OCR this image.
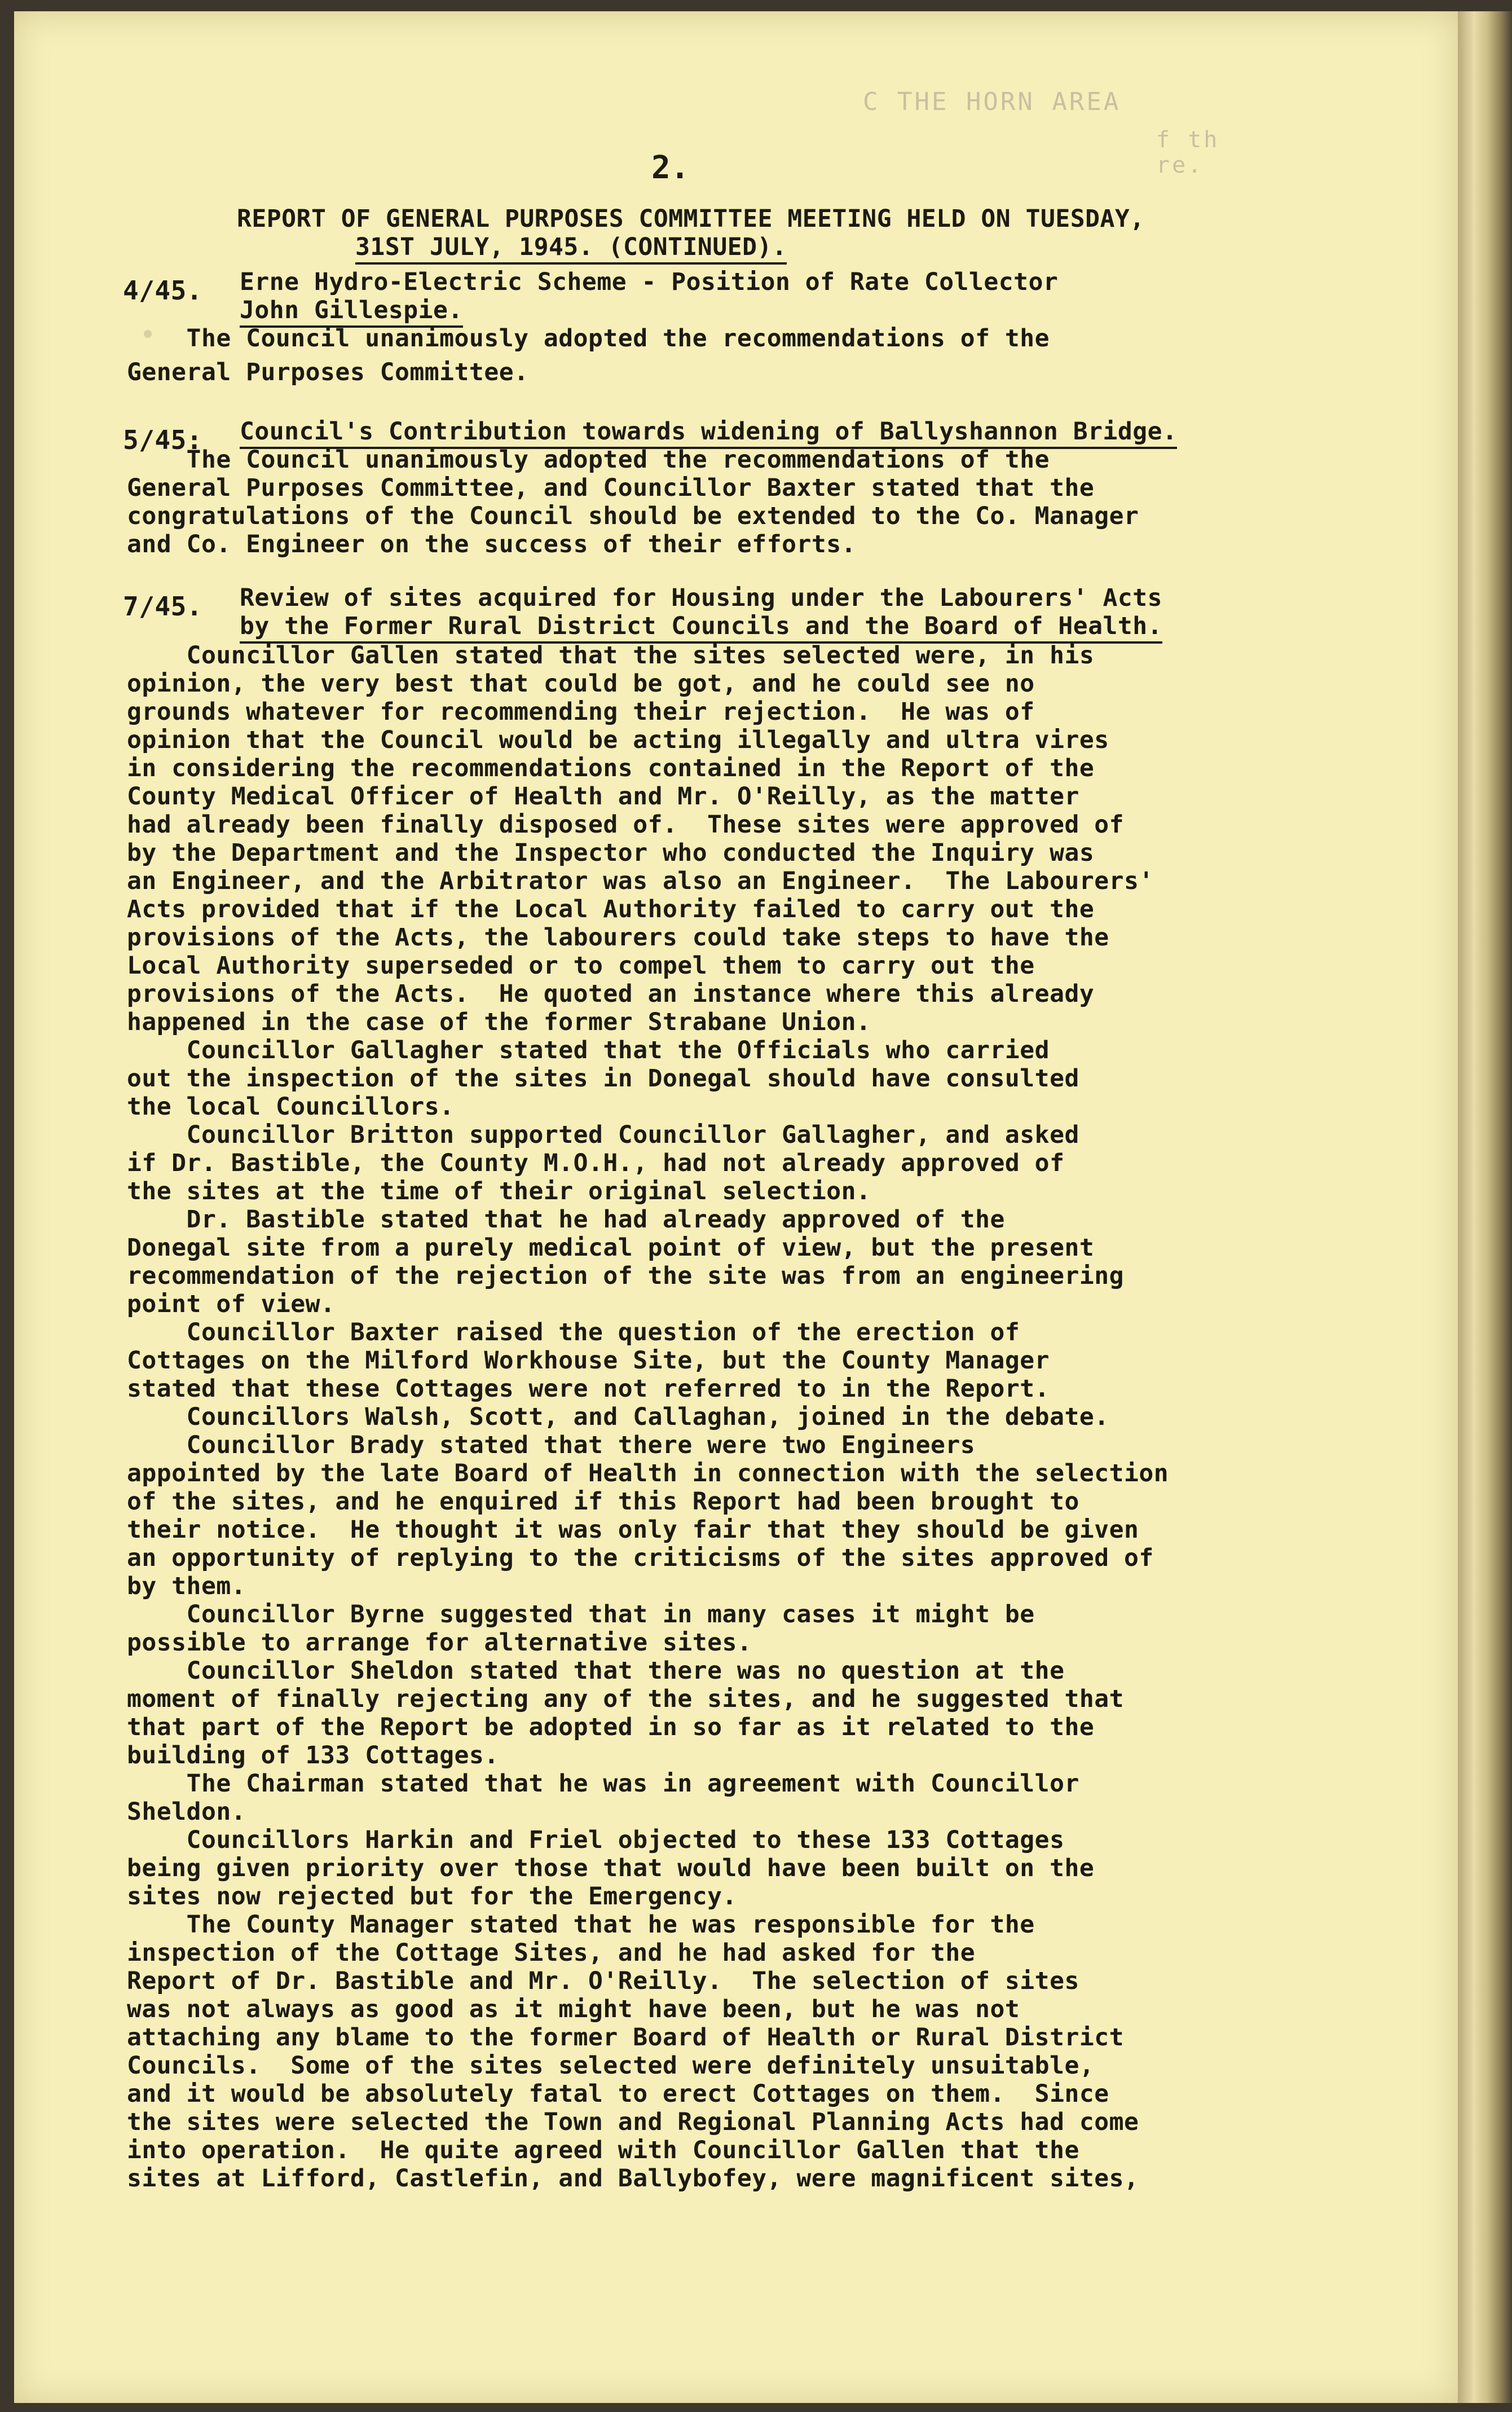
C THE HORN AREA
f th
re.
2.
REPORT OF GENERAL PURPOSES COMMITTEE MEETING HELD ON TUESDAY,
31ST JULY, 1945. (CONTINUED).
4/45. Erne Hydro-Electric Scheme - Position of Rate Collector
John Gillespie.
The Council unanimously adopted the recommendations of the
General Purposes Committee.
5/45: Council's Contribution towards widening of Ballyshannon Bridge.
The Council unanimously adopted the recommendations of the
General Purposes Committee, and Councillor Baxter stated that the
congratulations of the Council should be extended to the Co. Manager
and Co. Engineer on the success of their efforts.
7/45. Review of sites acquired for Housing under the Labourers' Acts
by the Former Rural District Councils and the Board of Health.
Councillor Gallen stated that the sites selected were, in his
opinion, the very best that could be got, and he could see no
grounds whatever for recommending their rejection.  He was of
opinion that the Council would be acting illegally and ultra vires
in considering the recommendations contained in the Report of the
County Medical Officer of Health and Mr. O'Reilly, as the matter
had already been finally disposed of.  These sites were approved of
by the Department and the Inspector who conducted the Inquiry was
an Engineer, and the Arbitrator was also an Engineer.  The Labourers'
Acts provided that if the Local Authority failed to carry out the
provisions of the Acts, the labourers could take steps to have the
Local Authority superseded or to compel them to carry out the
provisions of the Acts.  He quoted an instance where this already
happened in the case of the former Strabane Union.
Councillor Gallagher stated that the Officials who carried
out the inspection of the sites in Donegal should have consulted
the local Councillors.
Councillor Britton supported Councillor Gallagher, and asked
if Dr. Bastible, the County M.O.H., had not already approved of
the sites at the time of their original selection.
Dr. Bastible stated that he had already approved of the
Donegal site from a purely medical point of view, but the present
recommendation of the rejection of the site was from an engineering
point of view.
Councillor Baxter raised the question of the erection of
Cottages on the Milford Workhouse Site, but the County Manager
stated that these Cottages were not referred to in the Report.
Councillors Walsh, Scott, and Callaghan, joined in the debate.
Councillor Brady stated that there were two Engineers
appointed by the late Board of Health in connection with the selection
of the sites, and he enquired if this Report had been brought to
their notice.  He thought it was only fair that they should be given
an opportunity of replying to the criticisms of the sites approved of
by them.
Councillor Byrne suggested that in many cases it might be
possible to arrange for alternative sites.
Councillor Sheldon stated that there was no question at the
moment of finally rejecting any of the sites, and he suggested that
that part of the Report be adopted in so far as it related to the
building of 133 Cottages.
The Chairman stated that he was in agreement with Councillor
Sheldon.
Councillors Harkin and Friel objected to these 133 Cottages
being given priority over those that would have been built on the
sites now rejected but for the Emergency.
The County Manager stated that he was responsible for the
inspection of the Cottage Sites, and he had asked for the
Report of Dr. Bastible and Mr. O'Reilly.  The selection of sites
was not always as good as it might have been, but he was not
attaching any blame to the former Board of Health or Rural District
Councils.  Some of the sites selected were definitely unsuitable,
and it would be absolutely fatal to erect Cottages on them.  Since
the sites were selected the Town and Regional Planning Acts had come
into operation.  He quite agreed with Councillor Gallen that the
sites at Lifford, Castlefin, and Ballybofey, were magnificent sites,
